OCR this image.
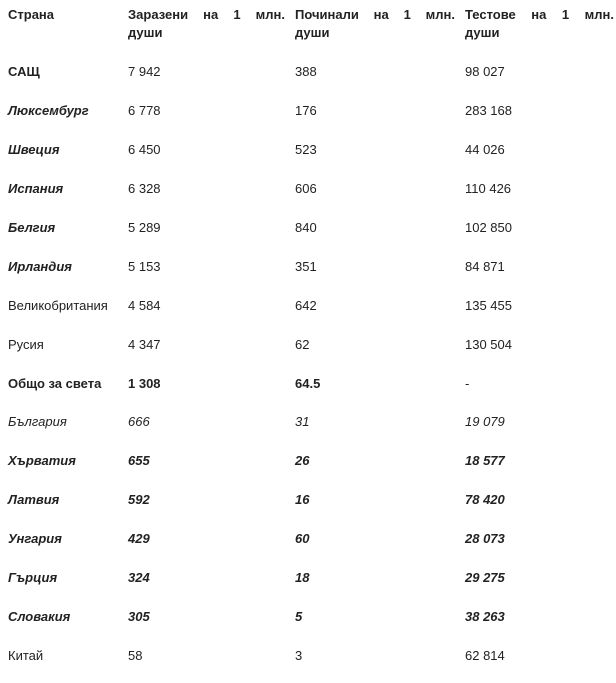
Страна	Заразени на 1 млн. души	Починали на 1 млн. души	Тестове на 1 млн. души
САЩ	7 942	388	98 027
Люксембург	6 778	176	283 168
Швеция	6 450	523	44 026
Испания	6 328	606	110 426
Белгия	5 289	840	102 850
Ирландия	5 153	351	84 871
Великобритания	4 584	642	135 455
Русия	4 347	62	130 504
Общо за света	1 308	64.5	-
България	666	31	19 079
Хърватия	655	26	18 577
Латвия	592	16	78 420
Унгария	429	60	28 073
Гърция	324	18	29 275
Словакия	305	5	38 263
Китай	58	3	62 814
